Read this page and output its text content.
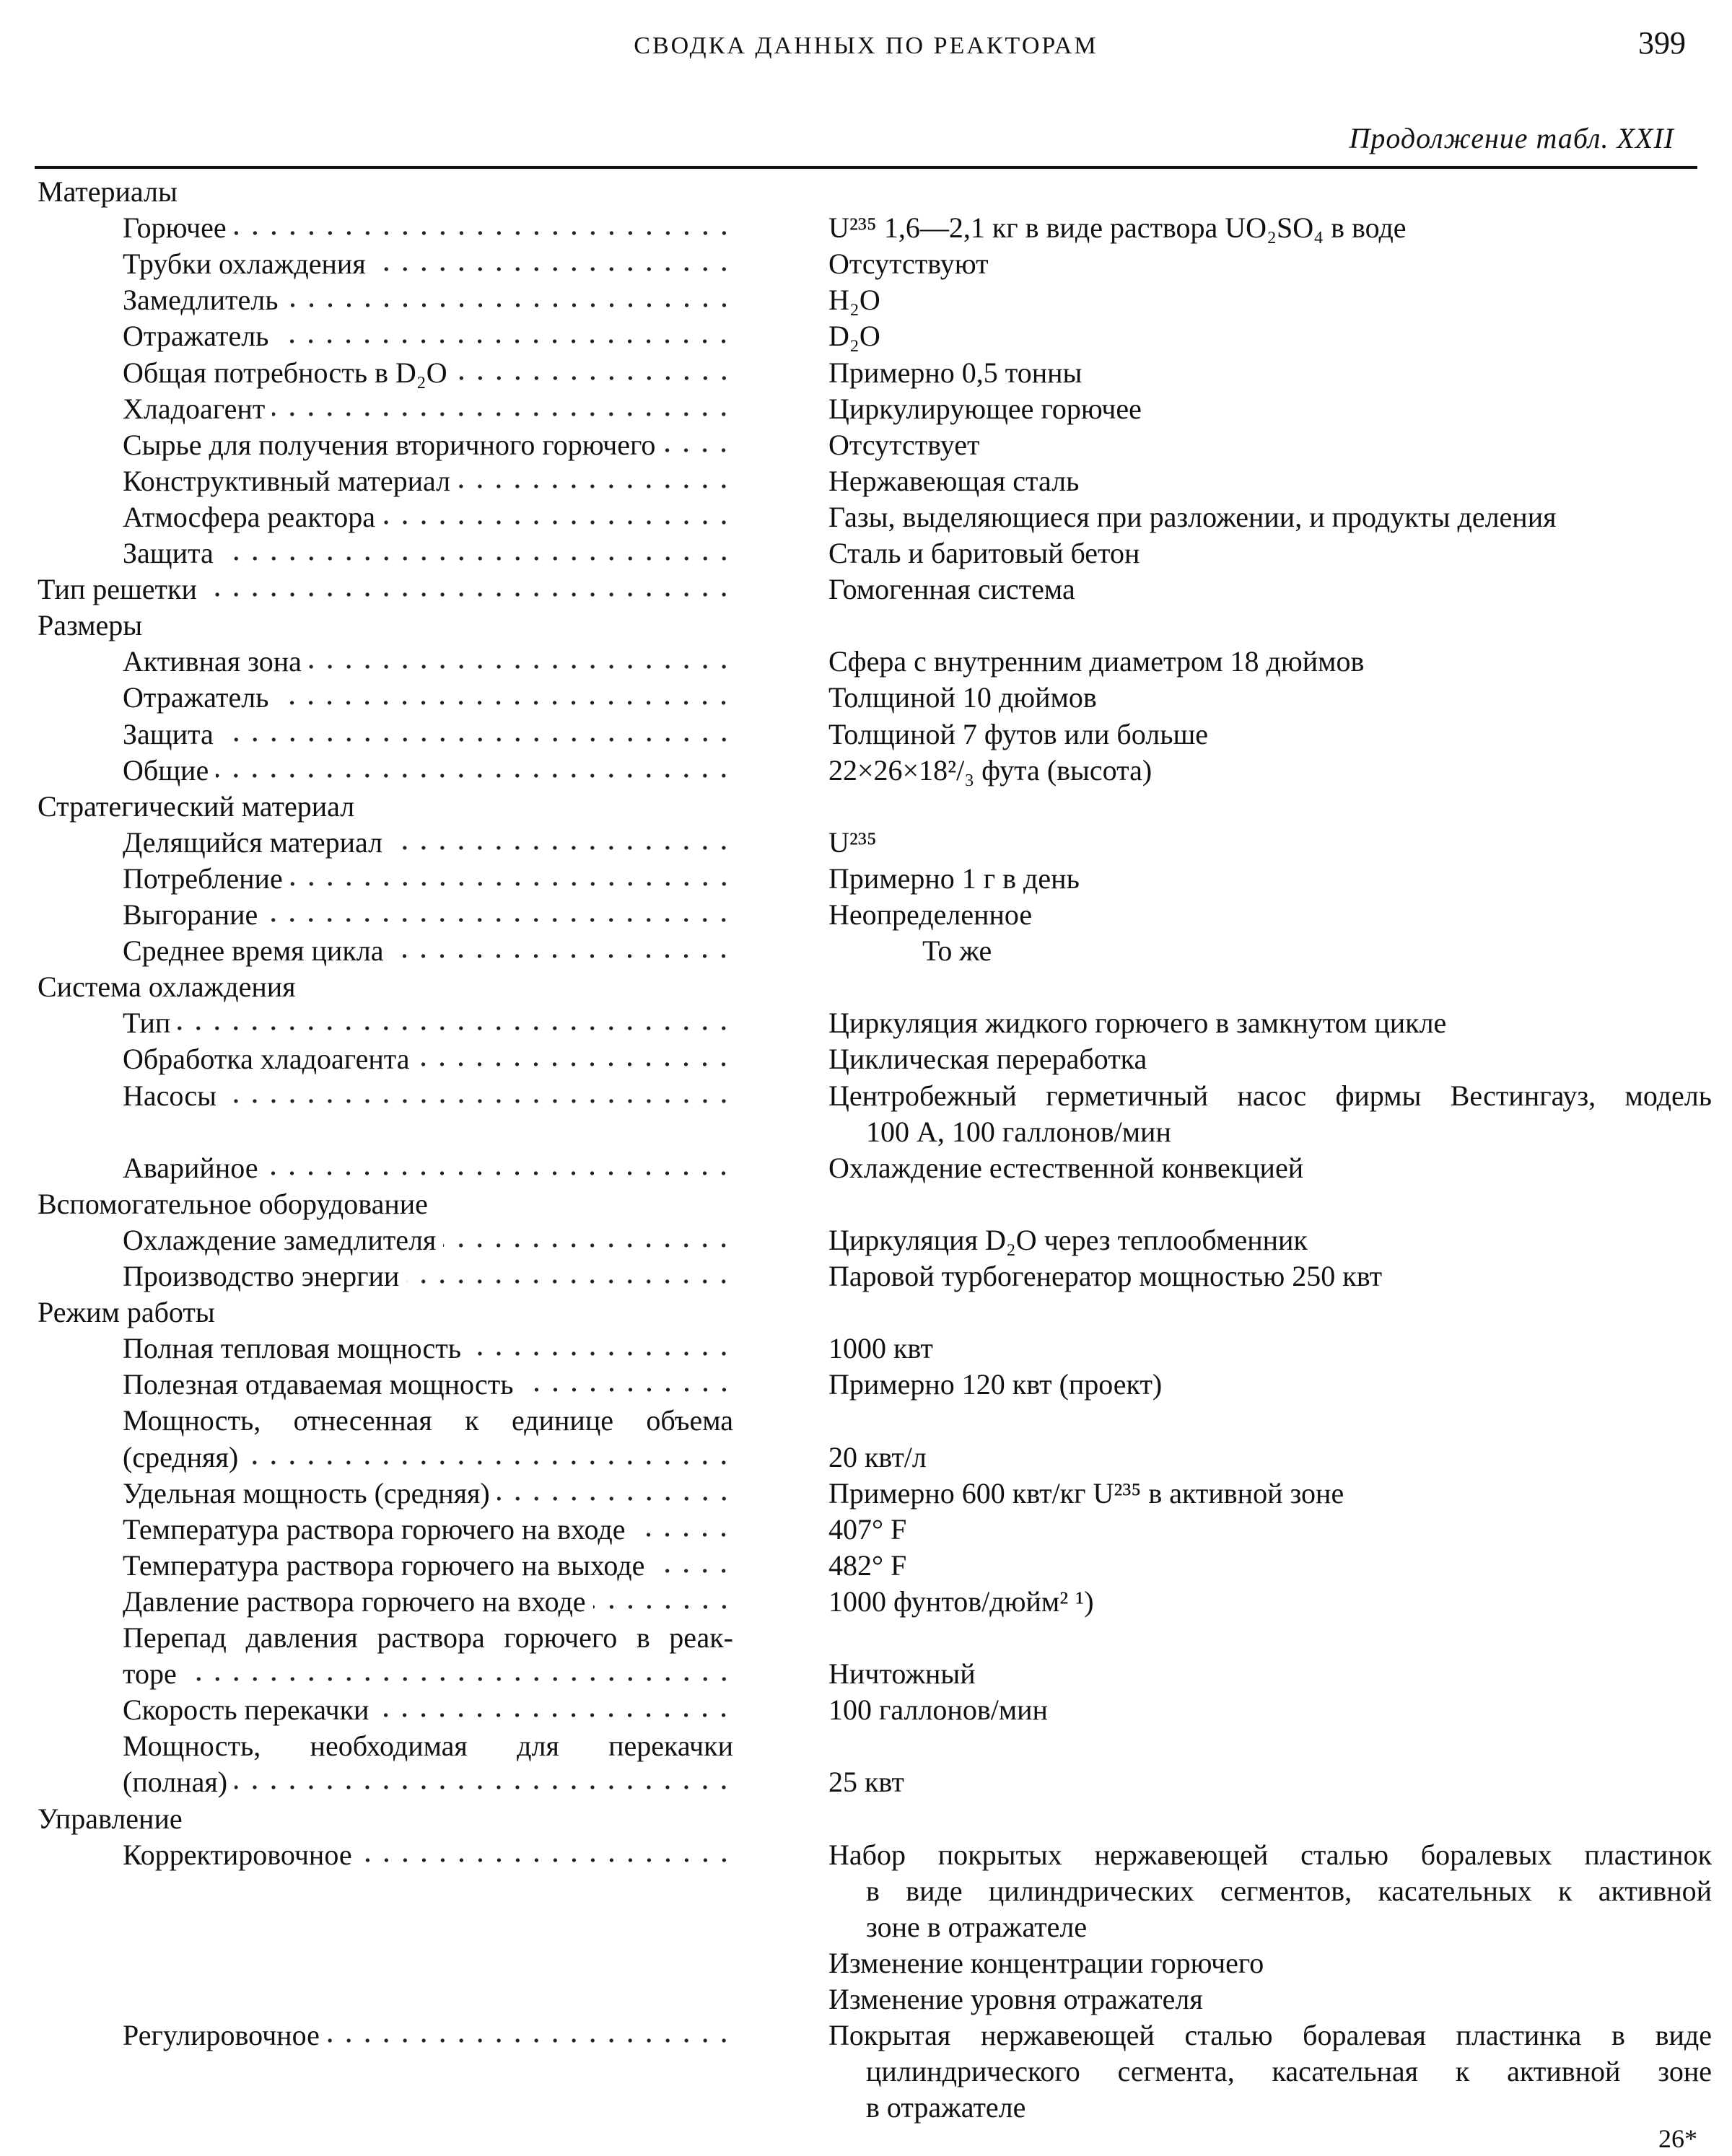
СВОДКА ДАННЫХ ПО РЕАКТОРАМ	399
Продолжение табл. XXII
Материалы
Горючее	U²³⁵ 1,6—2,1 кг в виде раствора UO₂SO₄ в воде
Трубки охлаждения	Отсутствуют
Замедлитель	H₂O
Отражатель	D₂O
Общая потребность в D₂O	Примерно 0,5 тонны
Хладоагент	Циркулирующее горючее
Сырье для получения вторичного горючего	Отсутствует
Конструктивный материал	Нержавеющая сталь
Атмосфера реактора	Газы, выделяющиеся при разложении, и продукты деления
Защита	Сталь и баритовый бетон
Тип решетки	Гомогенная система
Размеры
Активная зона	Сфера с внутренним диаметром 18 дюймов
Отражатель	Толщиной 10 дюймов
Защита	Толщиной 7 футов или больше
Общие	22×26×18²/₃ фута (высота)
Стратегический материал
Делящийся материал	U²³⁵
Потребление	Примерно 1 г в день
Выгорание	Неопределенное
Среднее время цикла	То же
Система охлаждения
Тип	Циркуляция жидкого горючего в замкнутом цикле
Обработка хладоагента	Циклическая переработка
Насосы	Центробежный герметичный насос фирмы Вестингауз, модель
100 А, 100 галлонов/мин
Аварийное	Охлаждение естественной конвекцией
Вспомогательное оборудование
Охлаждение замедлителя	Циркуляция D₂O через теплообменник
Производство энергии	Паровой турбогенератор мощностью 250 квт
Режим работы
Полная тепловая мощность	1000 квт
Полезная отдаваемая мощность	Примерно 120 квт (проект)
Мощность, отнесенная к единице объема
(средняя)	20 квт/л
Удельная мощность (средняя)	Примерно 600 квт/кг U²³⁵ в активной зоне
Температура раствора горючего на входе	407° F
Температура раствора горючего на выходе	482° F
Давление раствора горючего на входе	1000 фунтов/дюйм² ¹)
Перепад давления раствора горючего в реак-
торе	Ничтожный
Скорость перекачки	100 галлонов/мин
Мощность, необходимая для перекачки
(полная)	25 квт
Управление
Корректировочное	Набор покрытых нержавеющей сталью боралевых пластинок
в виде цилиндрических сегментов, касательных к активной
зоне в отражателе
Изменение концентрации горючего
Изменение уровня отражателя
Регулировочное	Покрытая нержавеющей сталью боралевая пластинка в виде
цилиндрического сегмента, касательная к активной зоне
в отражателе
26*
